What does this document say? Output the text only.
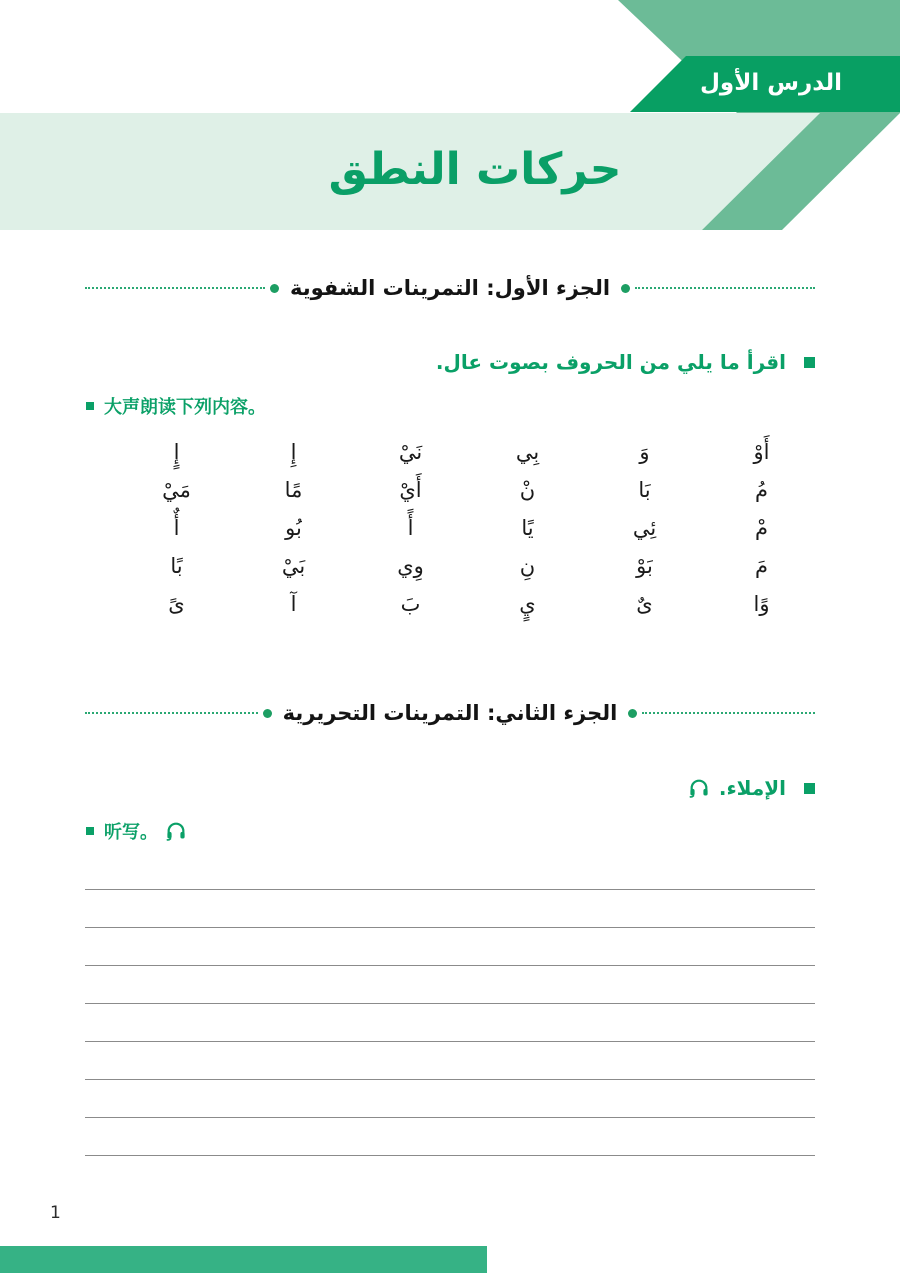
الدرس الأول
حركات النطق
الجزء الأول: التمرينات الشفوية
اقرأ ما يلي من الحروف بصوت عال.
大声朗读下列内容。
أَوْ
وَ
بِي
نَيْ
إِ
إٍ
مُ
بَا
نْ
أَيْ
مًا
مَيْ
مْ
ئِي
يًا
أً
بُو
أٌ
مَ
بَوْ
نِ
وِي
بَيْ
بًا
وًا
ىٌ
يٍ
بَ
آ
ىً
الجزء الثاني: التمرينات التحريرية
الإملاء.
听写。
1
